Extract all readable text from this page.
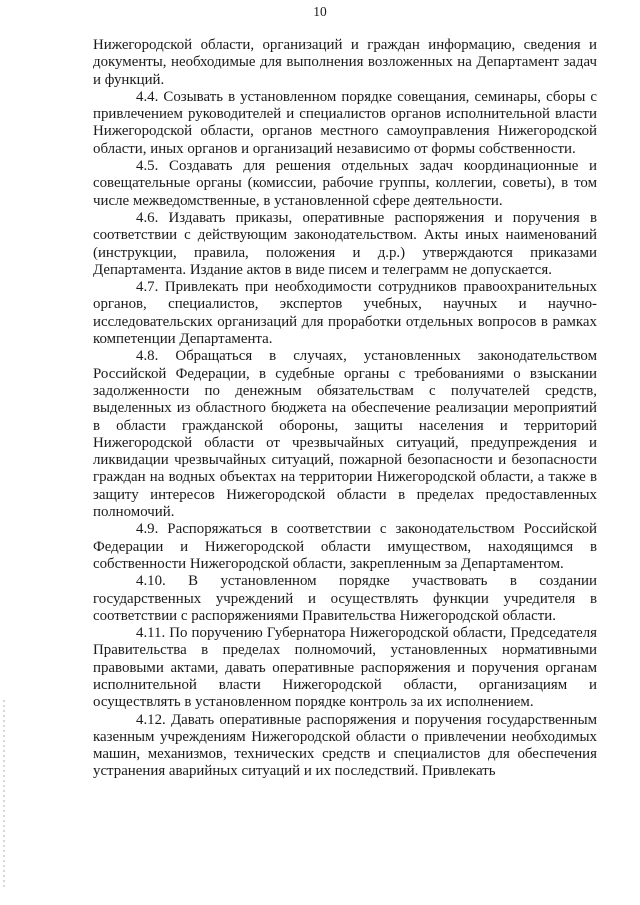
10

Нижегородской области, организаций и граждан информацию, сведения и документы, необходимые для выполнения возложенных на Департамент задач и функций.

4.4. Созывать в установленном порядке совещания, семинары, сборы с привлечением руководителей и специалистов органов исполнительной власти Нижегородской области, органов местного самоуправления Нижегородской области, иных органов и организаций независимо от формы собственности.

4.5. Создавать для решения отдельных задач координационные и совещательные органы (комиссии, рабочие группы, коллегии, советы), в том числе межведомственные, в установленной сфере деятельности.

4.6. Издавать приказы, оперативные распоряжения и поручения в соответствии с действующим законодательством. Акты иных наименований (инструкции, правила, положения и д.р.) утверждаются приказами Департамента. Издание актов в виде писем и телеграмм не допускается.

4.7. Привлекать при необходимости сотрудников правоохранительных органов, специалистов, экспертов учебных, научных и научно-исследовательских организаций для проработки отдельных вопросов в рамках компетенции Департамента.

4.8. Обращаться в случаях, установленных законодательством Российской Федерации, в судебные органы с требованиями о взыскании задолженности по денежным обязательствам с получателей средств, выделенных из областного бюджета на обеспечение реализации мероприятий в области гражданской обороны, защиты населения и территорий Нижегородской области от чрезвычайных ситуаций, предупреждения и ликвидации чрезвычайных ситуаций, пожарной безопасности и безопасности граждан на водных объектах на территории Нижегородской области, а также в защиту интересов Нижегородской области в пределах предоставленных полномочий.

4.9. Распоряжаться в соответствии с законодательством Российской Федерации и Нижегородской области имуществом, находящимся в собственности Нижегородской области, закрепленным за Департаментом.

4.10. В установленном порядке участвовать в создании государственных учреждений и осуществлять функции учредителя в соответствии с распоряжениями Правительства Нижегородской области.

4.11. По поручению Губернатора Нижегородской области, Председателя Правительства в пределах полномочий, установленных нормативными правовыми актами, давать оперативные распоряжения и поручения органам исполнительной власти Нижегородской области, организациям и осуществлять в установленном порядке контроль за их исполнением.

4.12. Давать оперативные распоряжения и поручения государственным казенным учреждениям Нижегородской области о привлечении необходимых машин, механизмов, технических средств и специалистов для обеспечения устранения аварийных ситуаций и их последствий. Привлекать
